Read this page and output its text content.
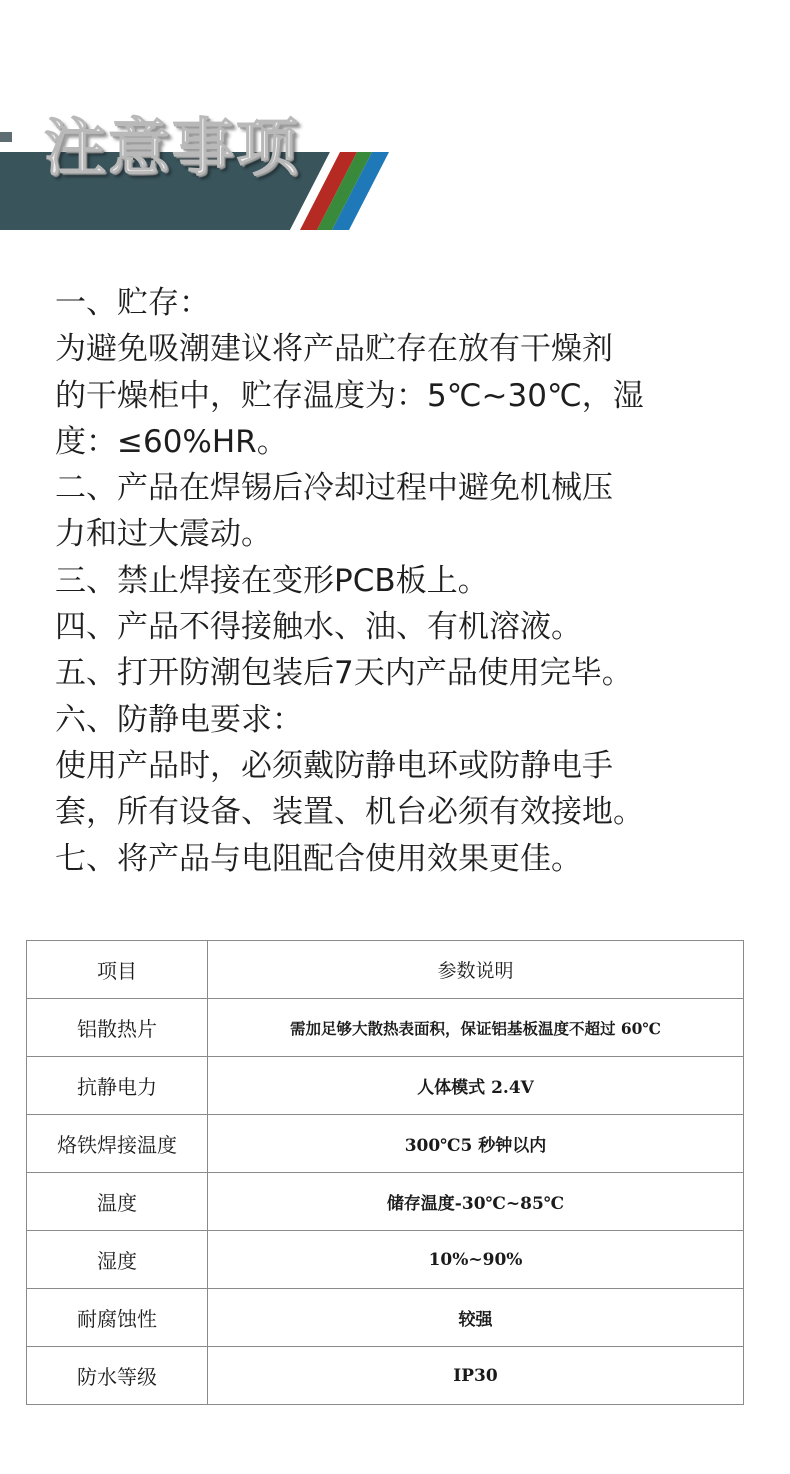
注意事项
一、贮存：
为避免吸潮建议将产品贮存在放有干燥剂
的干燥柜中，贮存温度为：5℃~30℃，湿
度：≤60%HR。
二、产品在焊锡后冷却过程中避免机械压
力和过大震动。
三、禁止焊接在变形PCB板上。
四、产品不得接触水、油、有机溶液。
五、打开防潮包装后7天内产品使用完毕。
六、防静电要求：
使用产品时，必须戴防静电环或防静电手
套，所有设备、装置、机台必须有效接地。
七、将产品与电阻配合使用效果更佳。
项目	参数说明
铝散热片	需加足够大散热表面积，保证铝基板温度不超过 60℃
抗静电力	人体模式 2.4V
烙铁焊接温度	300℃5 秒钟以内
温度	储存温度-30℃~85℃
湿度	10%~90%
耐腐蚀性	较强
防水等级	IP30
